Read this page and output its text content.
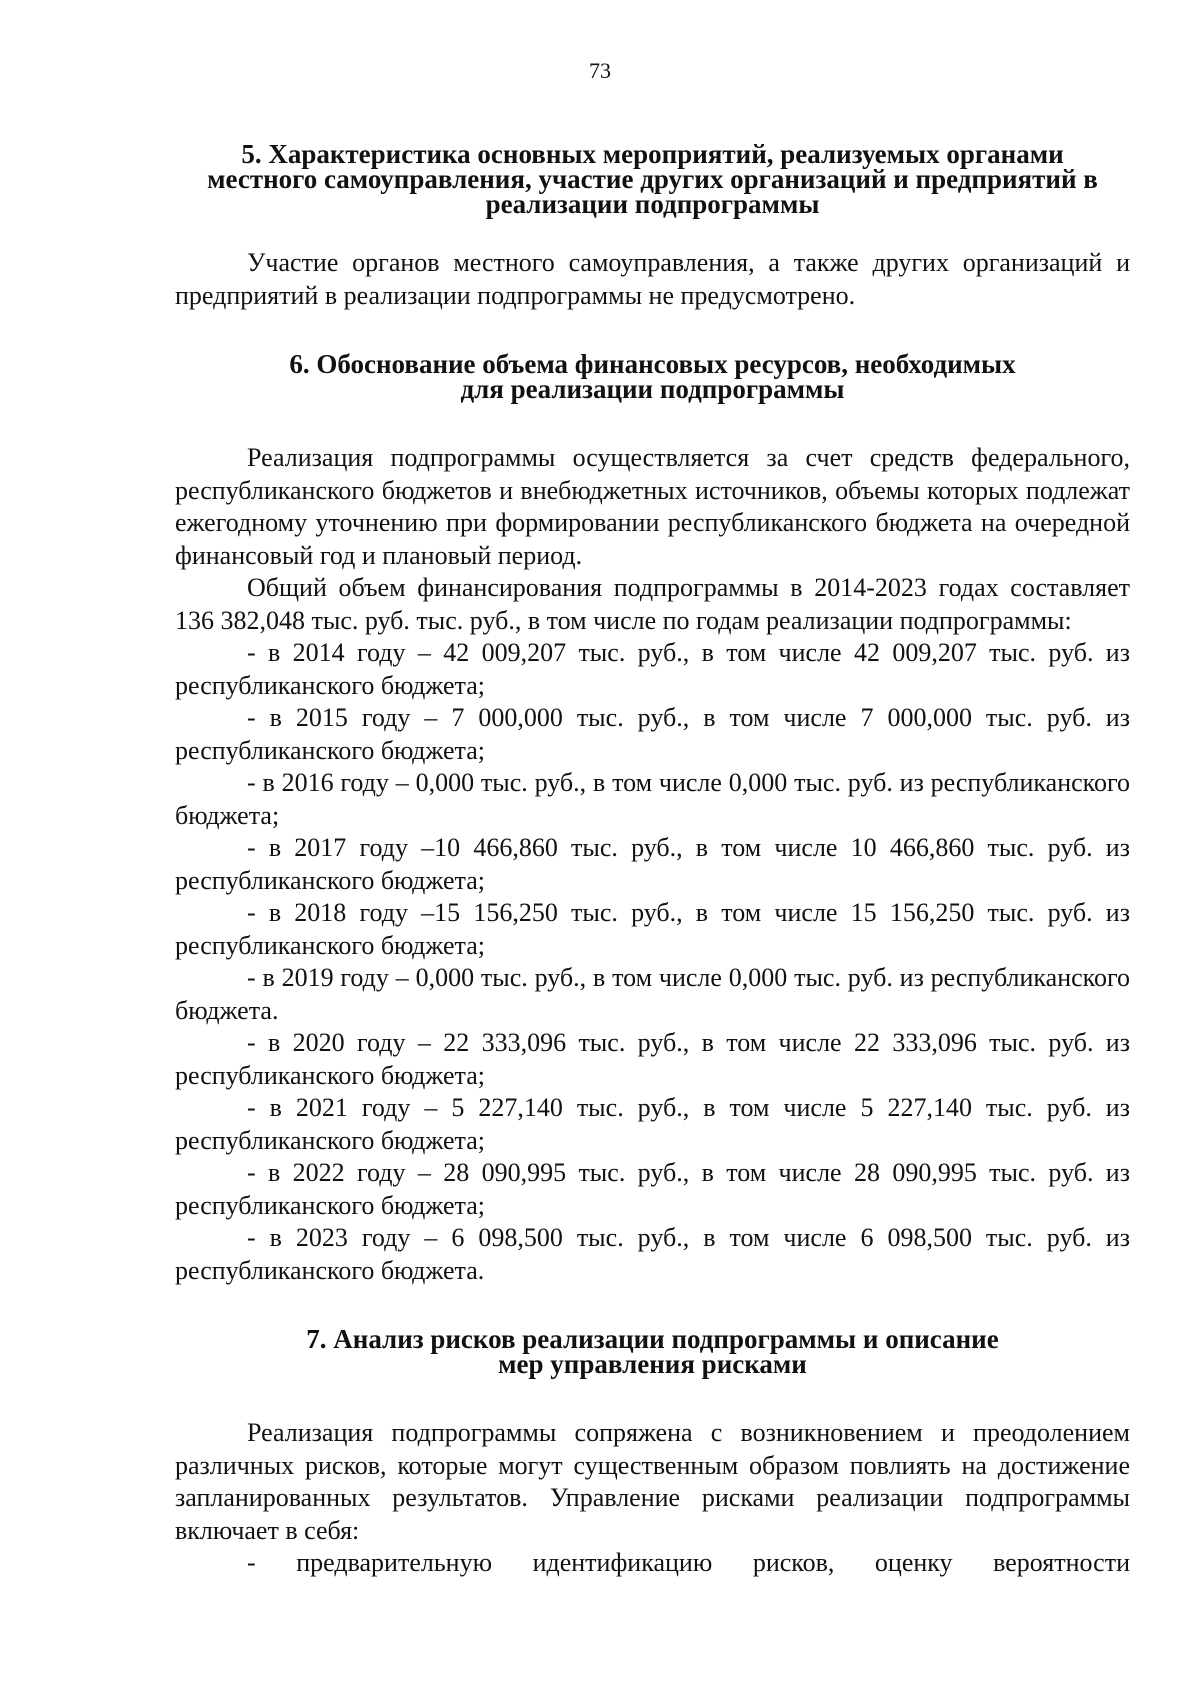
73
5. Характеристика основных мероприятий, реализуемых органами
местного самоуправления, участие других организаций и предприятий в
реализации подпрограммы

Участие органов местного самоуправления, а также других организаций и предприятий в реализации подпрограммы не предусмотрено.

6. Обоснование объема финансовых ресурсов, необходимых
для реализации подпрограммы

Реализация подпрограммы осуществляется за счет средств федерального, республиканского бюджетов и внебюджетных источников, объемы которых подлежат ежегодному уточнению при формировании республиканского бюджета на очередной финансовый год и плановый период.

Общий объем финансирования подпрограммы в 2014-2023 годах составляет 136 382,048 тыс. руб. тыс. руб., в том числе по годам реализации подпрограммы:

- в 2014 году – 42 009,207 тыс. руб., в том числе 42 009,207 тыс. руб. из республиканского бюджета;

- в 2015 году – 7 000,000 тыс. руб., в том числе 7 000,000 тыс. руб. из республиканского бюджета;

- в 2016 году – 0,000 тыс. руб., в том числе 0,000 тыс. руб. из республиканского бюджета;

- в 2017 году –10 466,860 тыс. руб., в том числе 10 466,860 тыс. руб. из республиканского бюджета;

- в 2018 году –15 156,250 тыс. руб., в том числе 15 156,250 тыс. руб. из республиканского бюджета;

- в 2019 году – 0,000 тыс. руб., в том числе 0,000 тыс. руб. из республиканского бюджета.

- в 2020 году – 22 333,096 тыс. руб., в том числе 22 333,096 тыс. руб. из республиканского бюджета;

- в 2021 году – 5 227,140 тыс. руб., в том числе 5 227,140 тыс. руб. из республиканского бюджета;

- в 2022 году – 28 090,995 тыс. руб., в том числе 28 090,995 тыс. руб. из республиканского бюджета;

- в 2023 году – 6 098,500 тыс. руб., в том числе 6 098,500 тыс. руб. из республиканского бюджета.

7. Анализ рисков реализации подпрограммы и описание
мер управления рисками

Реализация подпрограммы сопряжена с возникновением и преодолением различных рисков, которые могут существенным образом повлиять на достижение запланированных результатов. Управление рисками реализации подпрограммы включает в себя:

- предварительную идентификацию рисков, оценку вероятности
